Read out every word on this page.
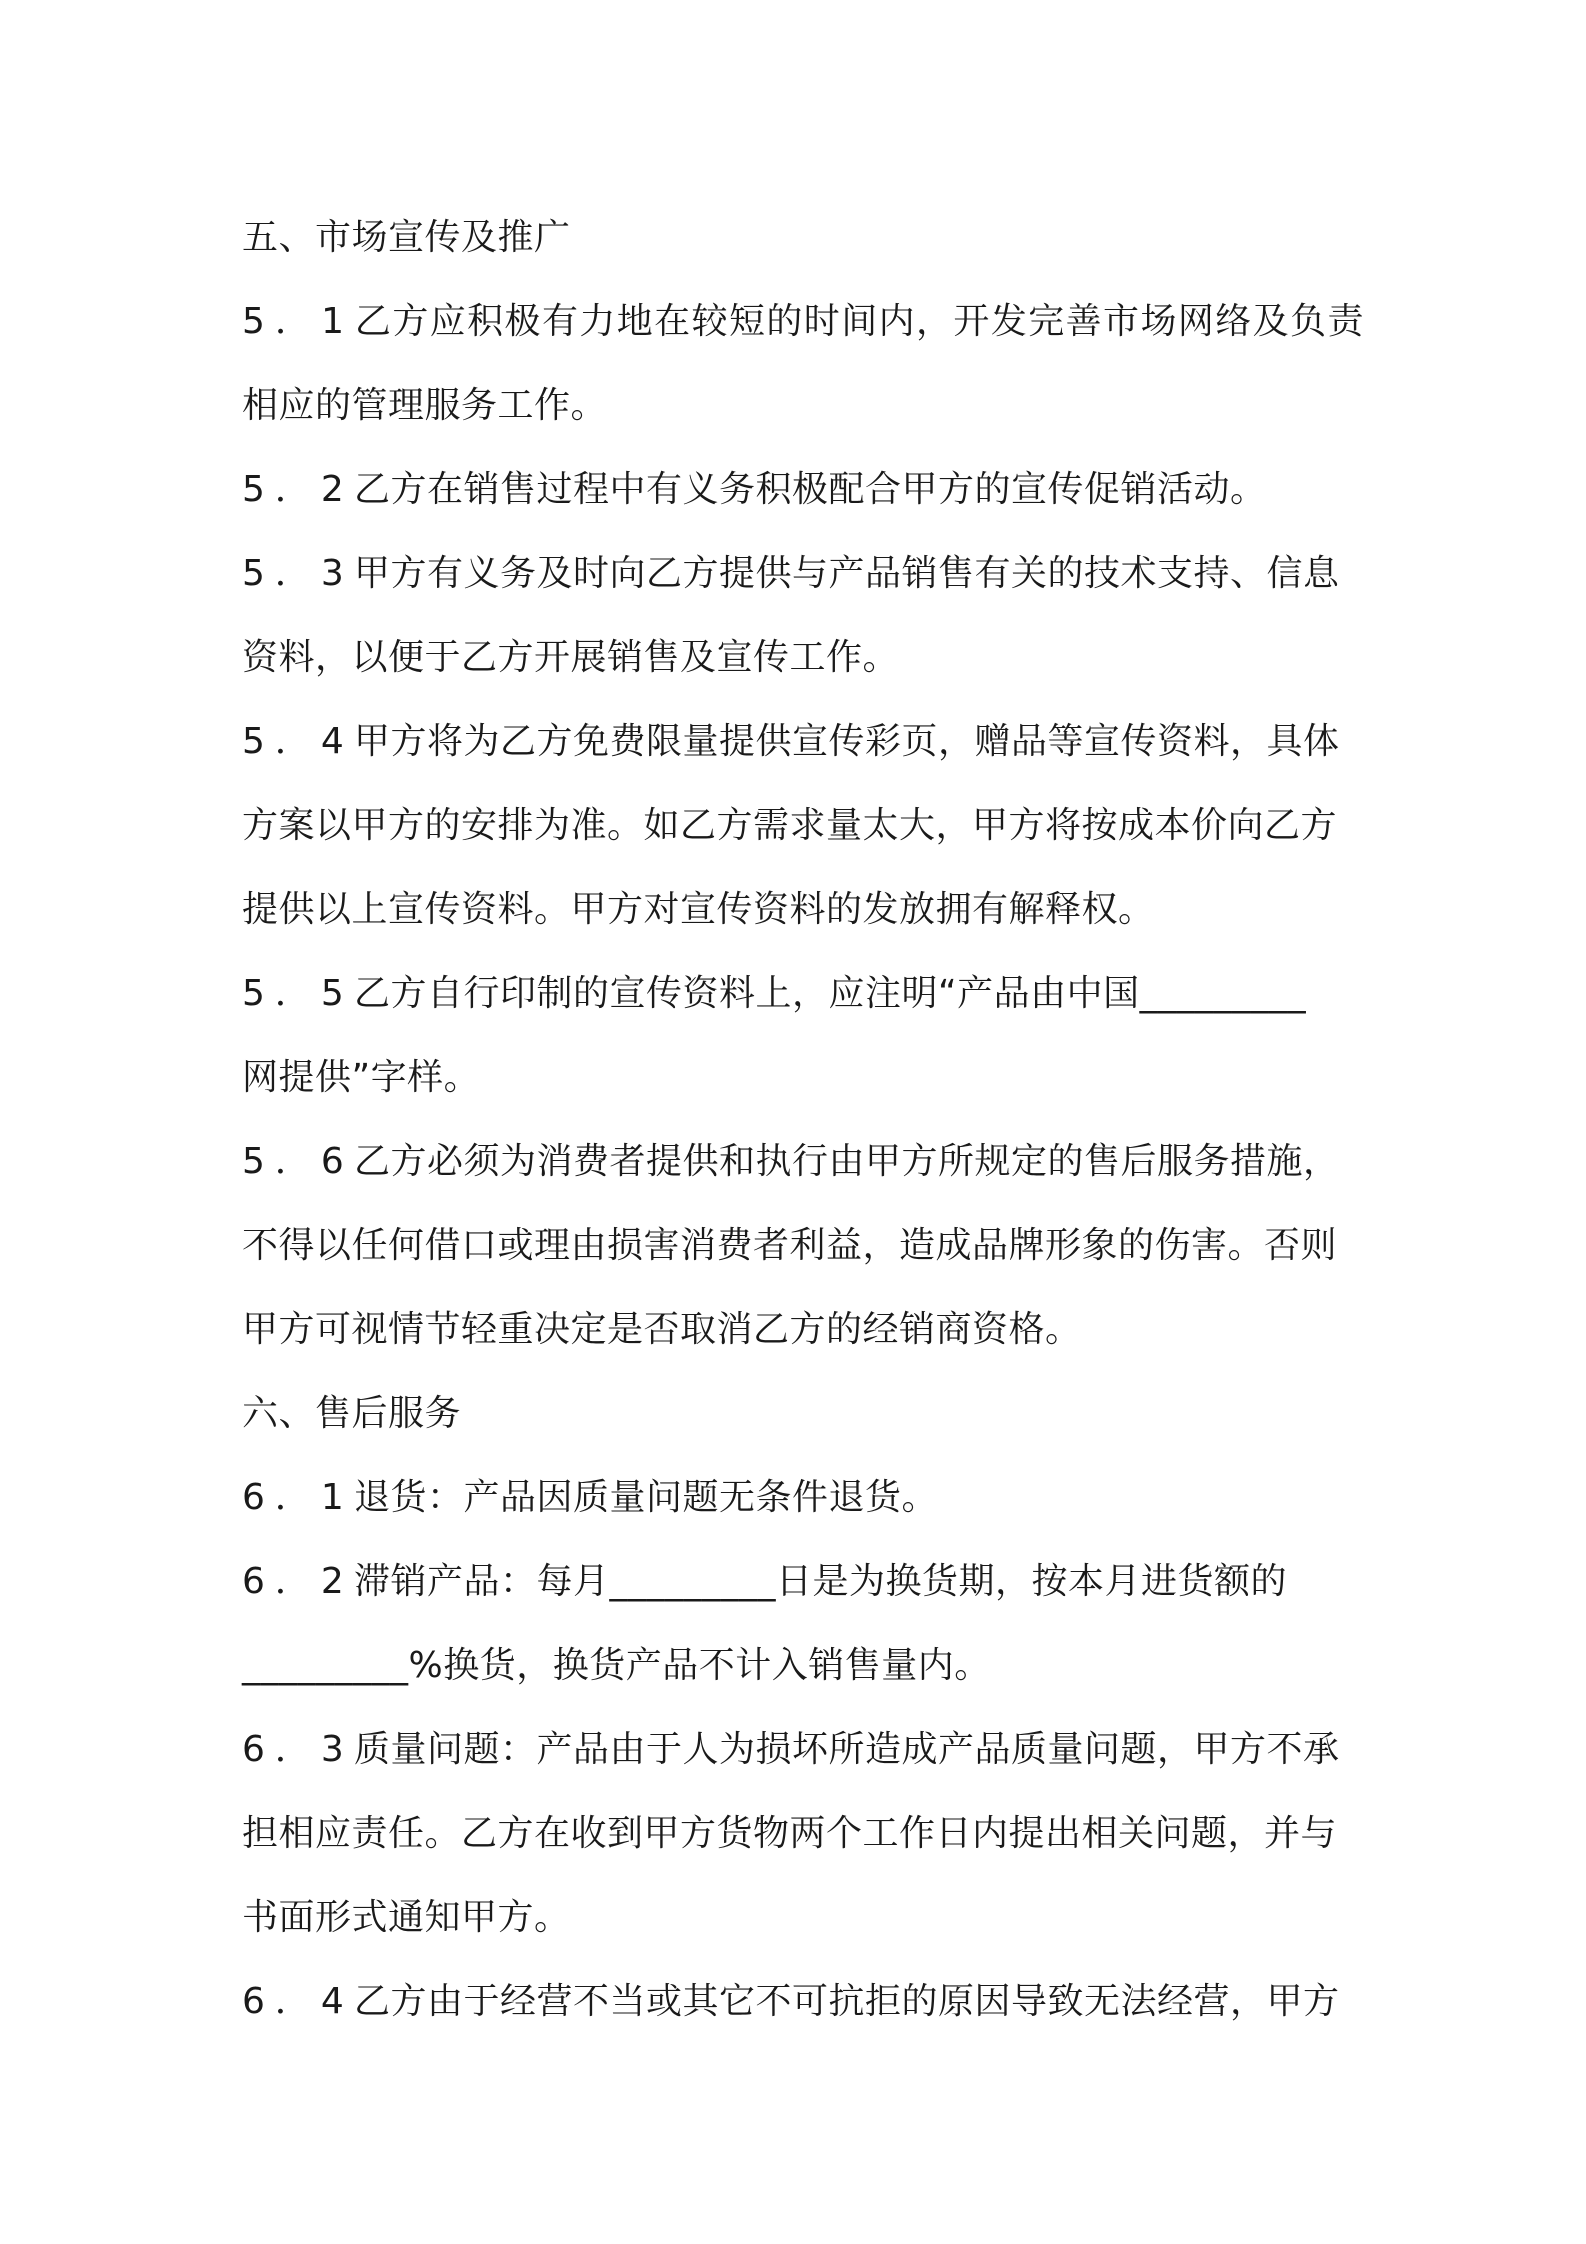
五、市场宣传及推广
5．1乙方应积极有力地在较短的时间内，开发完善市场网络及负责
相应的管理服务工作。
5．2乙方在销售过程中有义务积极配合甲方的宣传促销活动。
5．3甲方有义务及时向乙方提供与产品销售有关的技术支持、信息
资料，以便于乙方开展销售及宣传工作。
5．4甲方将为乙方免费限量提供宣传彩页，赠品等宣传资料，具体
方案以甲方的安排为准。如乙方需求量太大，甲方将按成本价向乙方
提供以上宣传资料。甲方对宣传资料的发放拥有解释权。
5．5乙方自行印制的宣传资料上，应注明“产品由中国_________
网提供”字样。
5．6乙方必须为消费者提供和执行由甲方所规定的售后服务措施，
不得以任何借口或理由损害消费者利益，造成品牌形象的伤害。否则
甲方可视情节轻重决定是否取消乙方的经销商资格。
六、售后服务
6．1退货：产品因质量问题无条件退货。
6．2滞销产品：每月_________日是为换货期，按本月进货额的
_________%换货，换货产品不计入销售量内。
6．3质量问题：产品由于人为损坏所造成产品质量问题，甲方不承
担相应责任。乙方在收到甲方货物两个工作日内提出相关问题，并与
书面形式通知甲方。
6．4乙方由于经营不当或其它不可抗拒的原因导致无法经营，甲方
